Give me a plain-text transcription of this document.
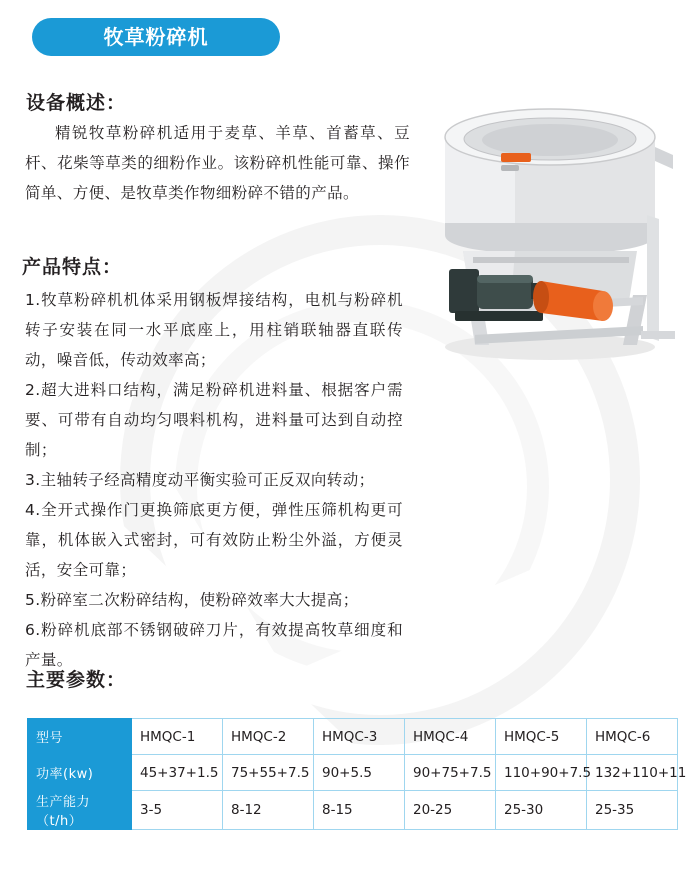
牧草粉碎机
设备概述：
精锐牧草粉碎机适用于麦草、羊草、首蓄草、豆杆、花柴等草类的细粉作业。该粉碎机性能可靠、操作简单、方便、是牧草类作物细粉碎不错的产品。
产品特点：

1.牧草粉碎机机体采用钢板焊接结构，电机与粉碎机转子安装在同一水平底座上，用柱销联轴器直联传动，噪音低，传动效率高；

2.超大进料口结构，满足粉碎机进料量、根据客户需要、可带有自动均匀喂料机构，进料量可达到自动控制；

3.主轴转子经高精度动平衡实验可正反双向转动；

4.全开式操作门更换筛底更方便，弹性压筛机构更可靠，机体嵌入式密封，可有效防止粉尘外溢，方便灵活，安全可靠；

5.粉碎室二次粉碎结构，使粉碎效率大大提高；

6.粉碎机底部不锈钢破碎刀片，有效提高牧草细度和产量。

主要参数：
型号	HMQC-1	HMQC-2	HMQC-3	HMQC-4	HMQC-5	HMQC-6
功率(kw)	45+37+1.5	75+55+7.5	90+5.5	90+75+7.5	110+90+7.5	132+110+11
生产能力（t/h）	3-5	8-12	8-15	20-25	25-30	25-35
